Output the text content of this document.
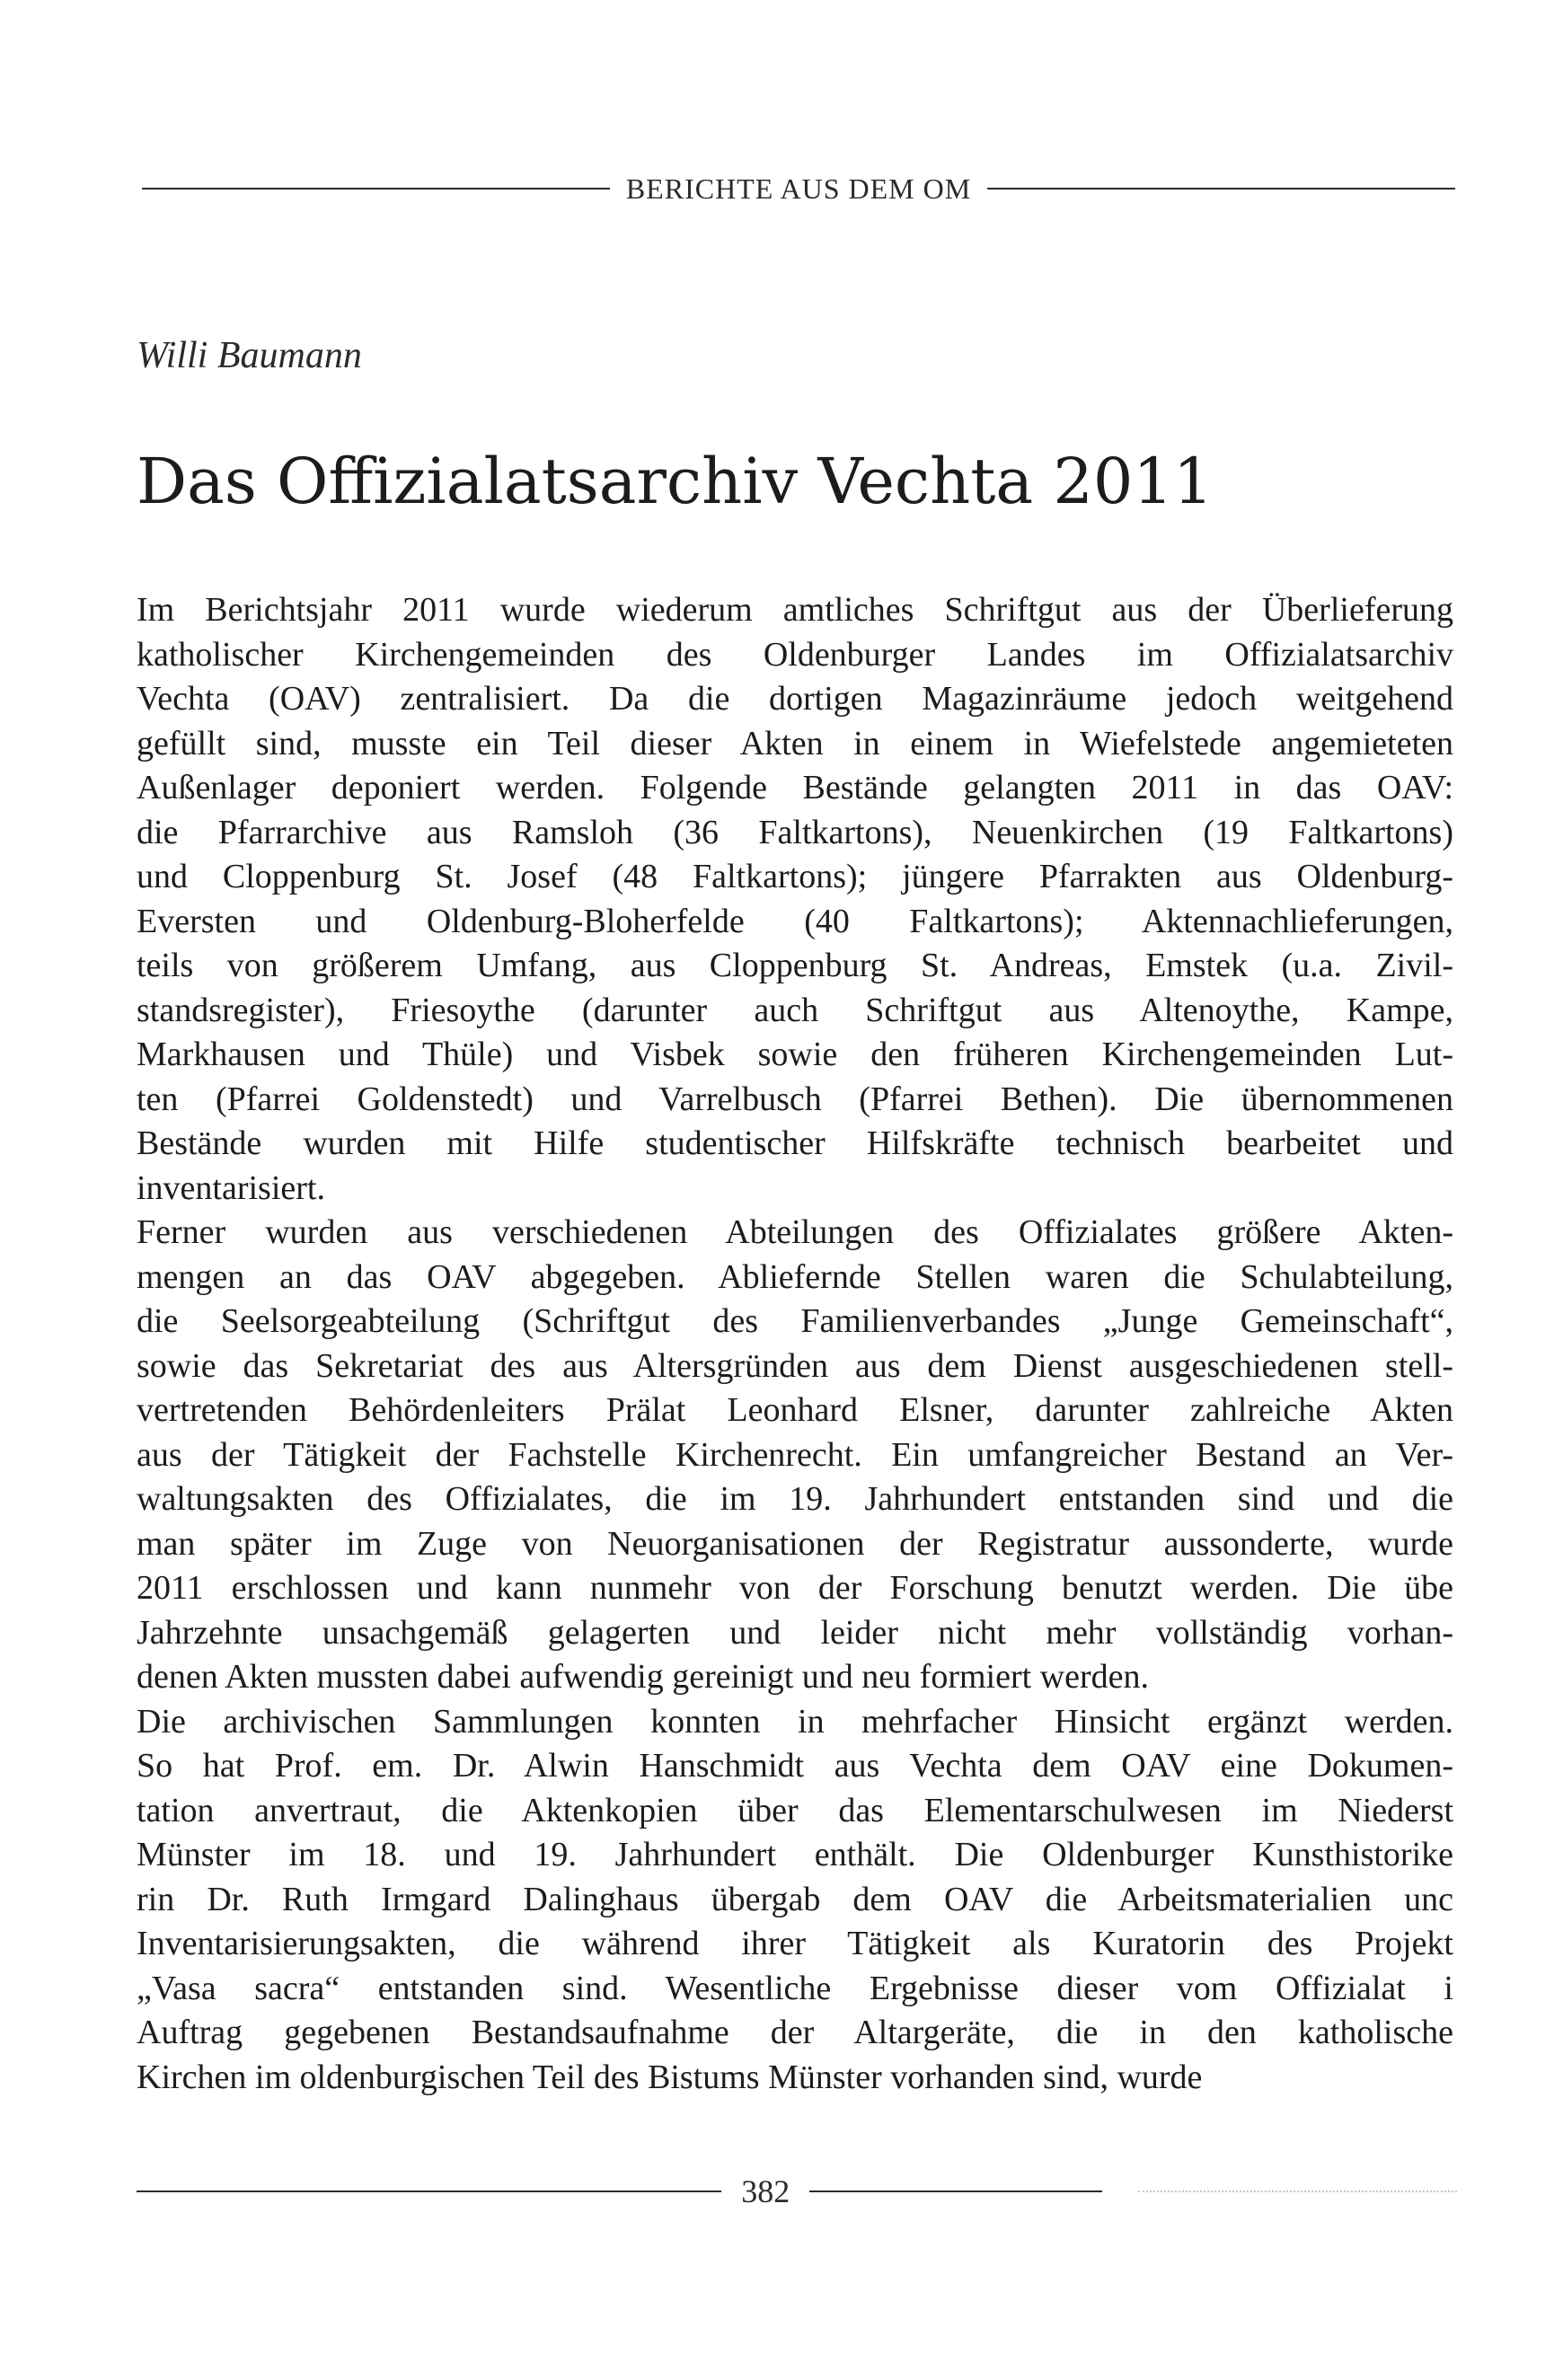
BERICHTE AUS DEM OM
Willi Baumann
Das Offizialatsarchiv Vechta 2011
Im Berichtsjahr 2011 wurde wiederum amtliches Schriftgut aus der Überlieferung
katholischer Kirchengemeinden des Oldenburger Landes im Offizialatsarchiv
Vechta (OAV) zentralisiert. Da die dortigen Magazinräume jedoch weitgehend
gefüllt sind, musste ein Teil dieser Akten in einem in Wiefelstede angemieteten
Außenlager deponiert werden. Folgende Bestände gelangten 2011 in das OAV:
die Pfarrarchive aus Ramsloh (36 Faltkartons), Neuenkirchen (19 Faltkartons)
und Cloppenburg St. Josef (48 Faltkartons); jüngere Pfarrakten aus Oldenburg-
Eversten und Oldenburg-Bloherfelde (40 Faltkartons); Aktennachlieferungen,
teils von größerem Umfang, aus Cloppenburg St. Andreas, Emstek (u.a. Zivil-
standsregister), Friesoythe (darunter auch Schriftgut aus Altenoythe, Kampe,
Markhausen und Thüle) und Visbek sowie den früheren Kirchengemeinden Lut-
ten (Pfarrei Goldenstedt) und Varrelbusch (Pfarrei Bethen). Die übernommenen
Bestände wurden mit Hilfe studentischer Hilfskräfte technisch bearbeitet und
inventarisiert.
Ferner wurden aus verschiedenen Abteilungen des Offizialates größere Akten-
mengen an das OAV abgegeben. Abliefernde Stellen waren die Schulabteilung,
die Seelsorgeabteilung (Schriftgut des Familienverbandes „Junge Gemeinschaft“,
sowie das Sekretariat des aus Altersgründen aus dem Dienst ausgeschiedenen stell-
vertretenden Behördenleiters Prälat Leonhard Elsner, darunter zahlreiche Akten
aus der Tätigkeit der Fachstelle Kirchenrecht. Ein umfangreicher Bestand an Ver-
waltungsakten des Offizialates, die im 19. Jahrhundert entstanden sind und die
man später im Zuge von Neuorganisationen der Registratur aussonderte, wurde
2011 erschlossen und kann nunmehr von der Forschung benutzt werden. Die übe
Jahrzehnte unsachgemäß gelagerten und leider nicht mehr vollständig vorhan-
denen Akten mussten dabei aufwendig gereinigt und neu formiert werden.
Die archivischen Sammlungen konnten in mehrfacher Hinsicht ergänzt werden.
So hat Prof. em. Dr. Alwin Hanschmidt aus Vechta dem OAV eine Dokumen-
tation anvertraut, die Aktenkopien über das Elementarschulwesen im Niederst
Münster im 18. und 19. Jahrhundert enthält. Die Oldenburger Kunsthistorike
rin Dr. Ruth Irmgard Dalinghaus übergab dem OAV die Arbeitsmaterialien unc
Inventarisierungsakten, die während ihrer Tätigkeit als Kuratorin des Projekt
„Vasa sacra“ entstanden sind. Wesentliche Ergebnisse dieser vom Offizialat i
Auftrag gegebenen Bestandsaufnahme der Altargeräte, die in den katholische
Kirchen im oldenburgischen Teil des Bistums Münster vorhanden sind, wurde
382
